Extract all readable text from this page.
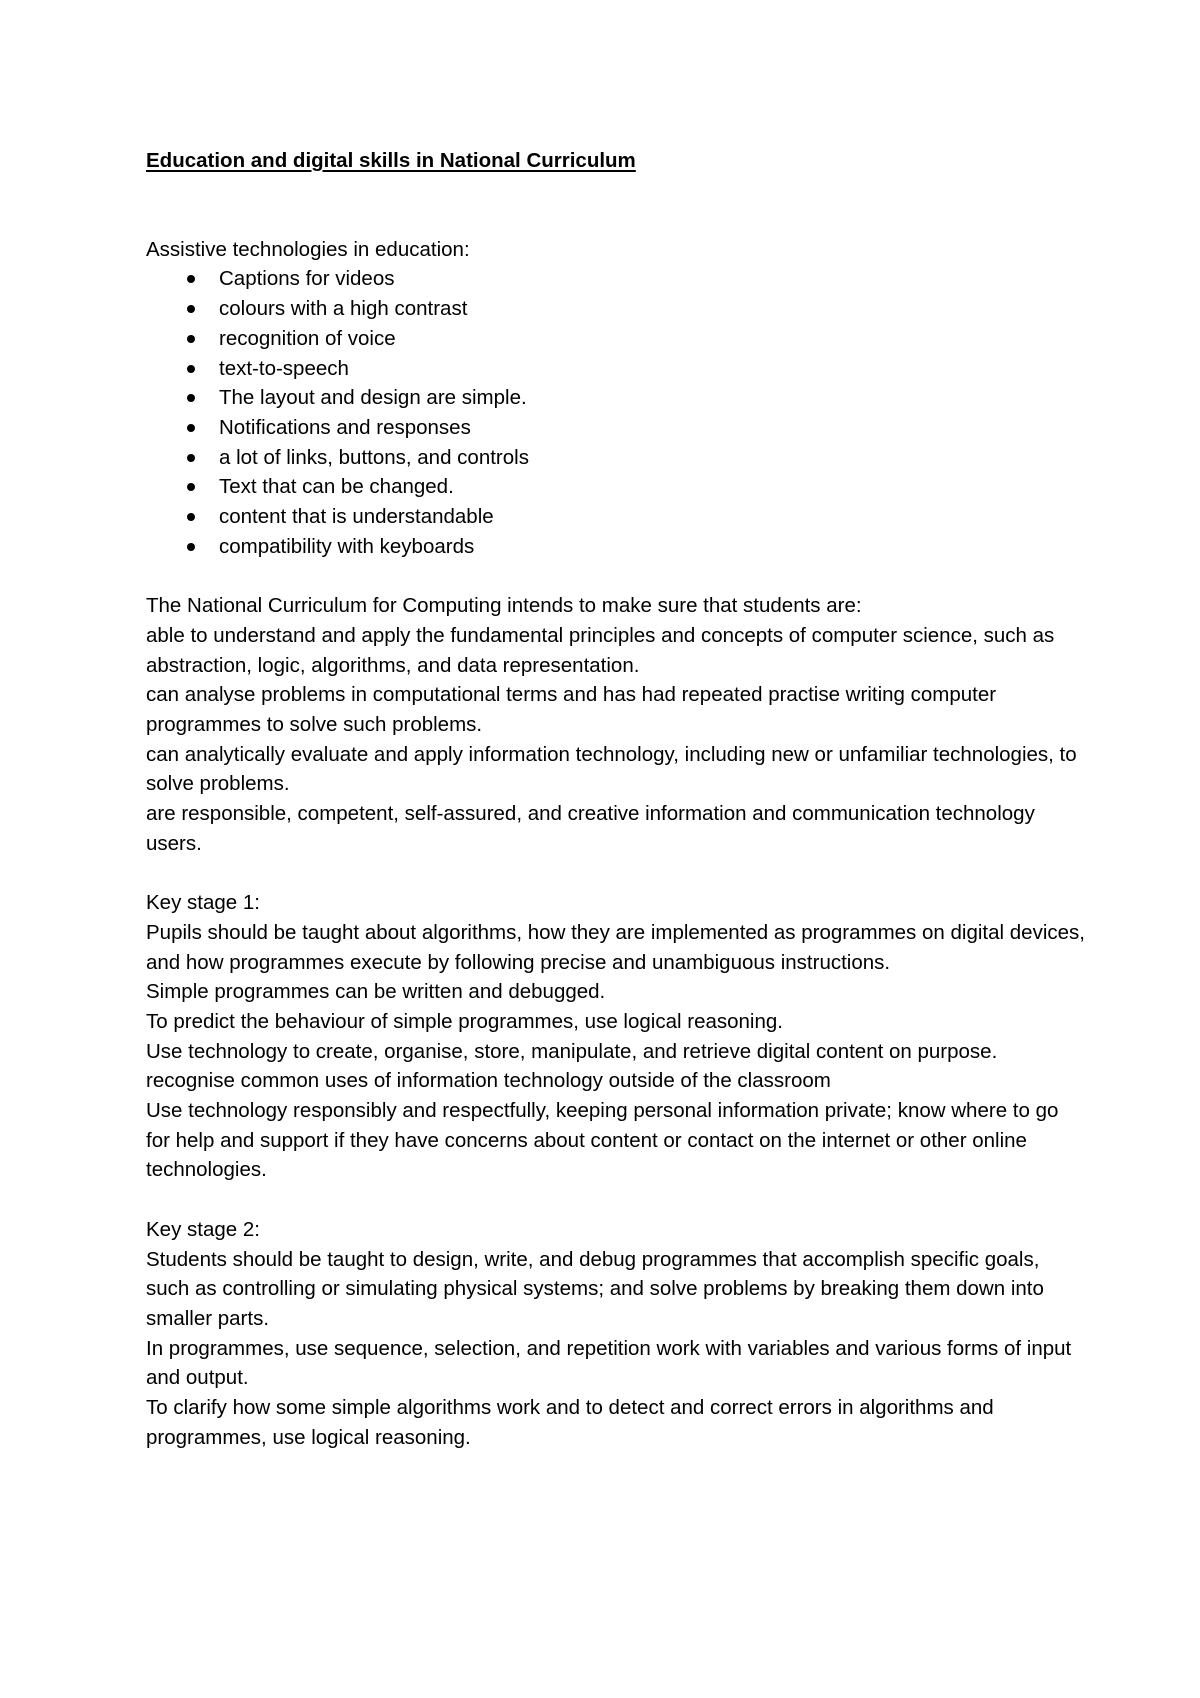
Education and digital skills in National Curriculum

Assistive technologies in education:

Captions for videos
colours with a high contrast
recognition of voice
text-to-speech
The layout and design are simple.
Notifications and responses
a lot of links, buttons, and controls
Text that can be changed.
content that is understandable
compatibility with keyboards

The National Curriculum for Computing intends to make sure that students are:

able to understand and apply the fundamental principles and concepts of computer science, such as abstraction, logic, algorithms, and data representation.

can analyse problems in computational terms and has had repeated practise writing computer programmes to solve such problems.

can analytically evaluate and apply information technology, including new or unfamiliar technologies, to solve problems.

are responsible, competent, self-assured, and creative information and communication technology users.

Key stage 1:

Pupils should be taught about algorithms, how they are implemented as programmes on digital devices, and how programmes execute by following precise and unambiguous instructions.

Simple programmes can be written and debugged.

To predict the behaviour of simple programmes, use logical reasoning.

Use technology to create, organise, store, manipulate, and retrieve digital content on purpose.

recognise common uses of information technology outside of the classroom

Use technology responsibly and respectfully, keeping personal information private; know where to go for help and support if they have concerns about content or contact on the internet or other online technologies.

Key stage 2:

Students should be taught to design, write, and debug programmes that accomplish specific goals, such as controlling or simulating physical systems; and solve problems by breaking them down into smaller parts.

In programmes, use sequence, selection, and repetition work with variables and various forms of input and output.

To clarify how some simple algorithms work and to detect and correct errors in algorithms and programmes, use logical reasoning.
